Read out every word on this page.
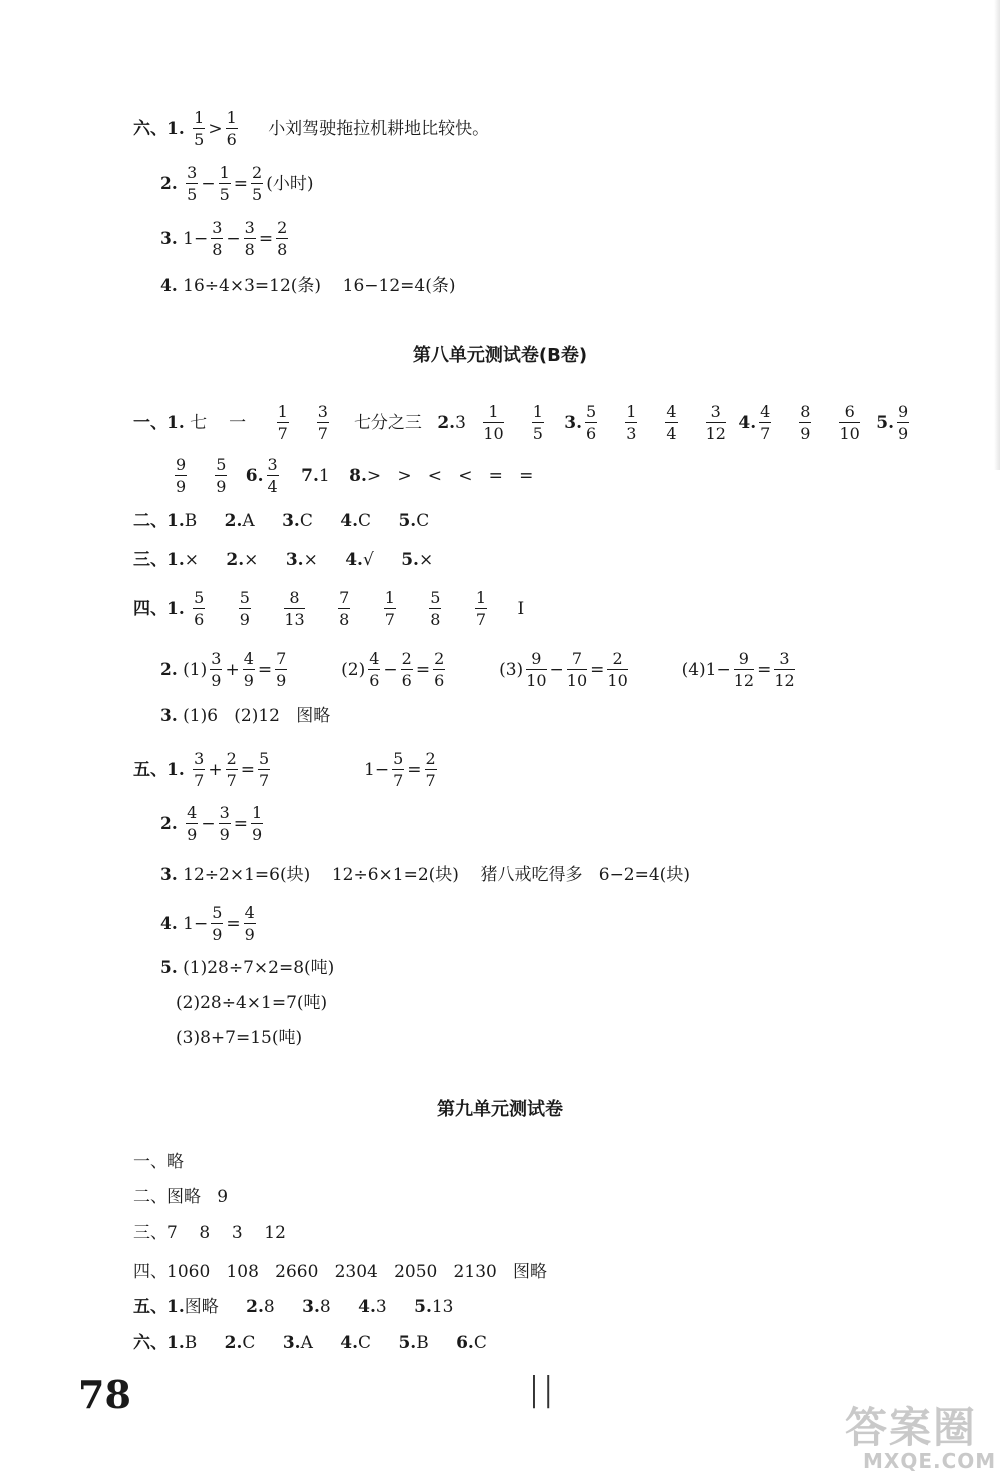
六、1. $\frac{1}{5} > \frac{1}{6}$ 小刘驾驶拖拉机耕地比较快。
2. $\frac{3}{5} - \frac{1}{5} = \frac{2}{5}$ (小时)
3. $1- \frac{3}{8} - \frac{3}{8} = \frac{2}{8}$
4. 16÷4×3=12(条)    16−12=4(条)
第八单元测试卷(B卷)
一、1. 七 一 $\frac{1}{7} \frac{3}{7}$ 七分之三 $2.3 \frac{1}{10} \frac{1}{5} 3$. $\frac{5}{6} \frac{1}{3} \frac{4}{4} \frac{3}{12} 4$. $\frac{4}{7} \frac{8}{9} \frac{6}{10} 5$. $\frac{9}{9}$
$\frac{9}{9} \frac{5}{9} 6$. $\frac{3}{4} 7.1$ 8.>   >   <   <   =   =
二、1.B 2.A 3.C 4.C 5.C
三、1.× 2.× 3.× 4.√ 5.×
四、1. $\frac{5}{6}$
$\frac{5}{9}$
$\frac{8}{13}$
$\frac{7}{8}$
$\frac{1}{7}$
$\frac{5}{8}$
$\frac{1}{7}$ I
2. $(1) \frac{3}{9} + \frac{4}{9} = \frac{7}{9}$	$(2) \frac{4}{6} - \frac{2}{6} = \frac{2}{6}$	$(3) \frac{9}{10} - \frac{7}{10} = \frac{2}{10}$	$(4)1- \frac{9}{12} = \frac{3}{12}$
3. (1)6   (2)12   图略
五、1. $\frac{3}{7} + \frac{2}{7} = \frac{5}{7}$	$1- \frac{5}{7} = \frac{2}{7}$
2. $\frac{4}{9} - \frac{3}{9} = \frac{1}{9}$
3. 12÷2×1=6(块)    12÷6×1=2(块)    猪八戒吃得多   6−2=4(块)
4. $1- \frac{5}{9} = \frac{4}{9}$
5. (1)28÷7×2=8(吨)
(2)28÷4×1=7(吨)
(3)8+7=15(吨)
第九单元测试卷
一、略
二、图略   9
三、7    8    3    12
四、1060   108   2660   2304   2050   2130   图略
五、1.图略 2.8 3.8 4.3 5.13
六、1.B 2.C 3.A 4.C 5.B 6.C
78	ll
答案圈
MXQE.COM
